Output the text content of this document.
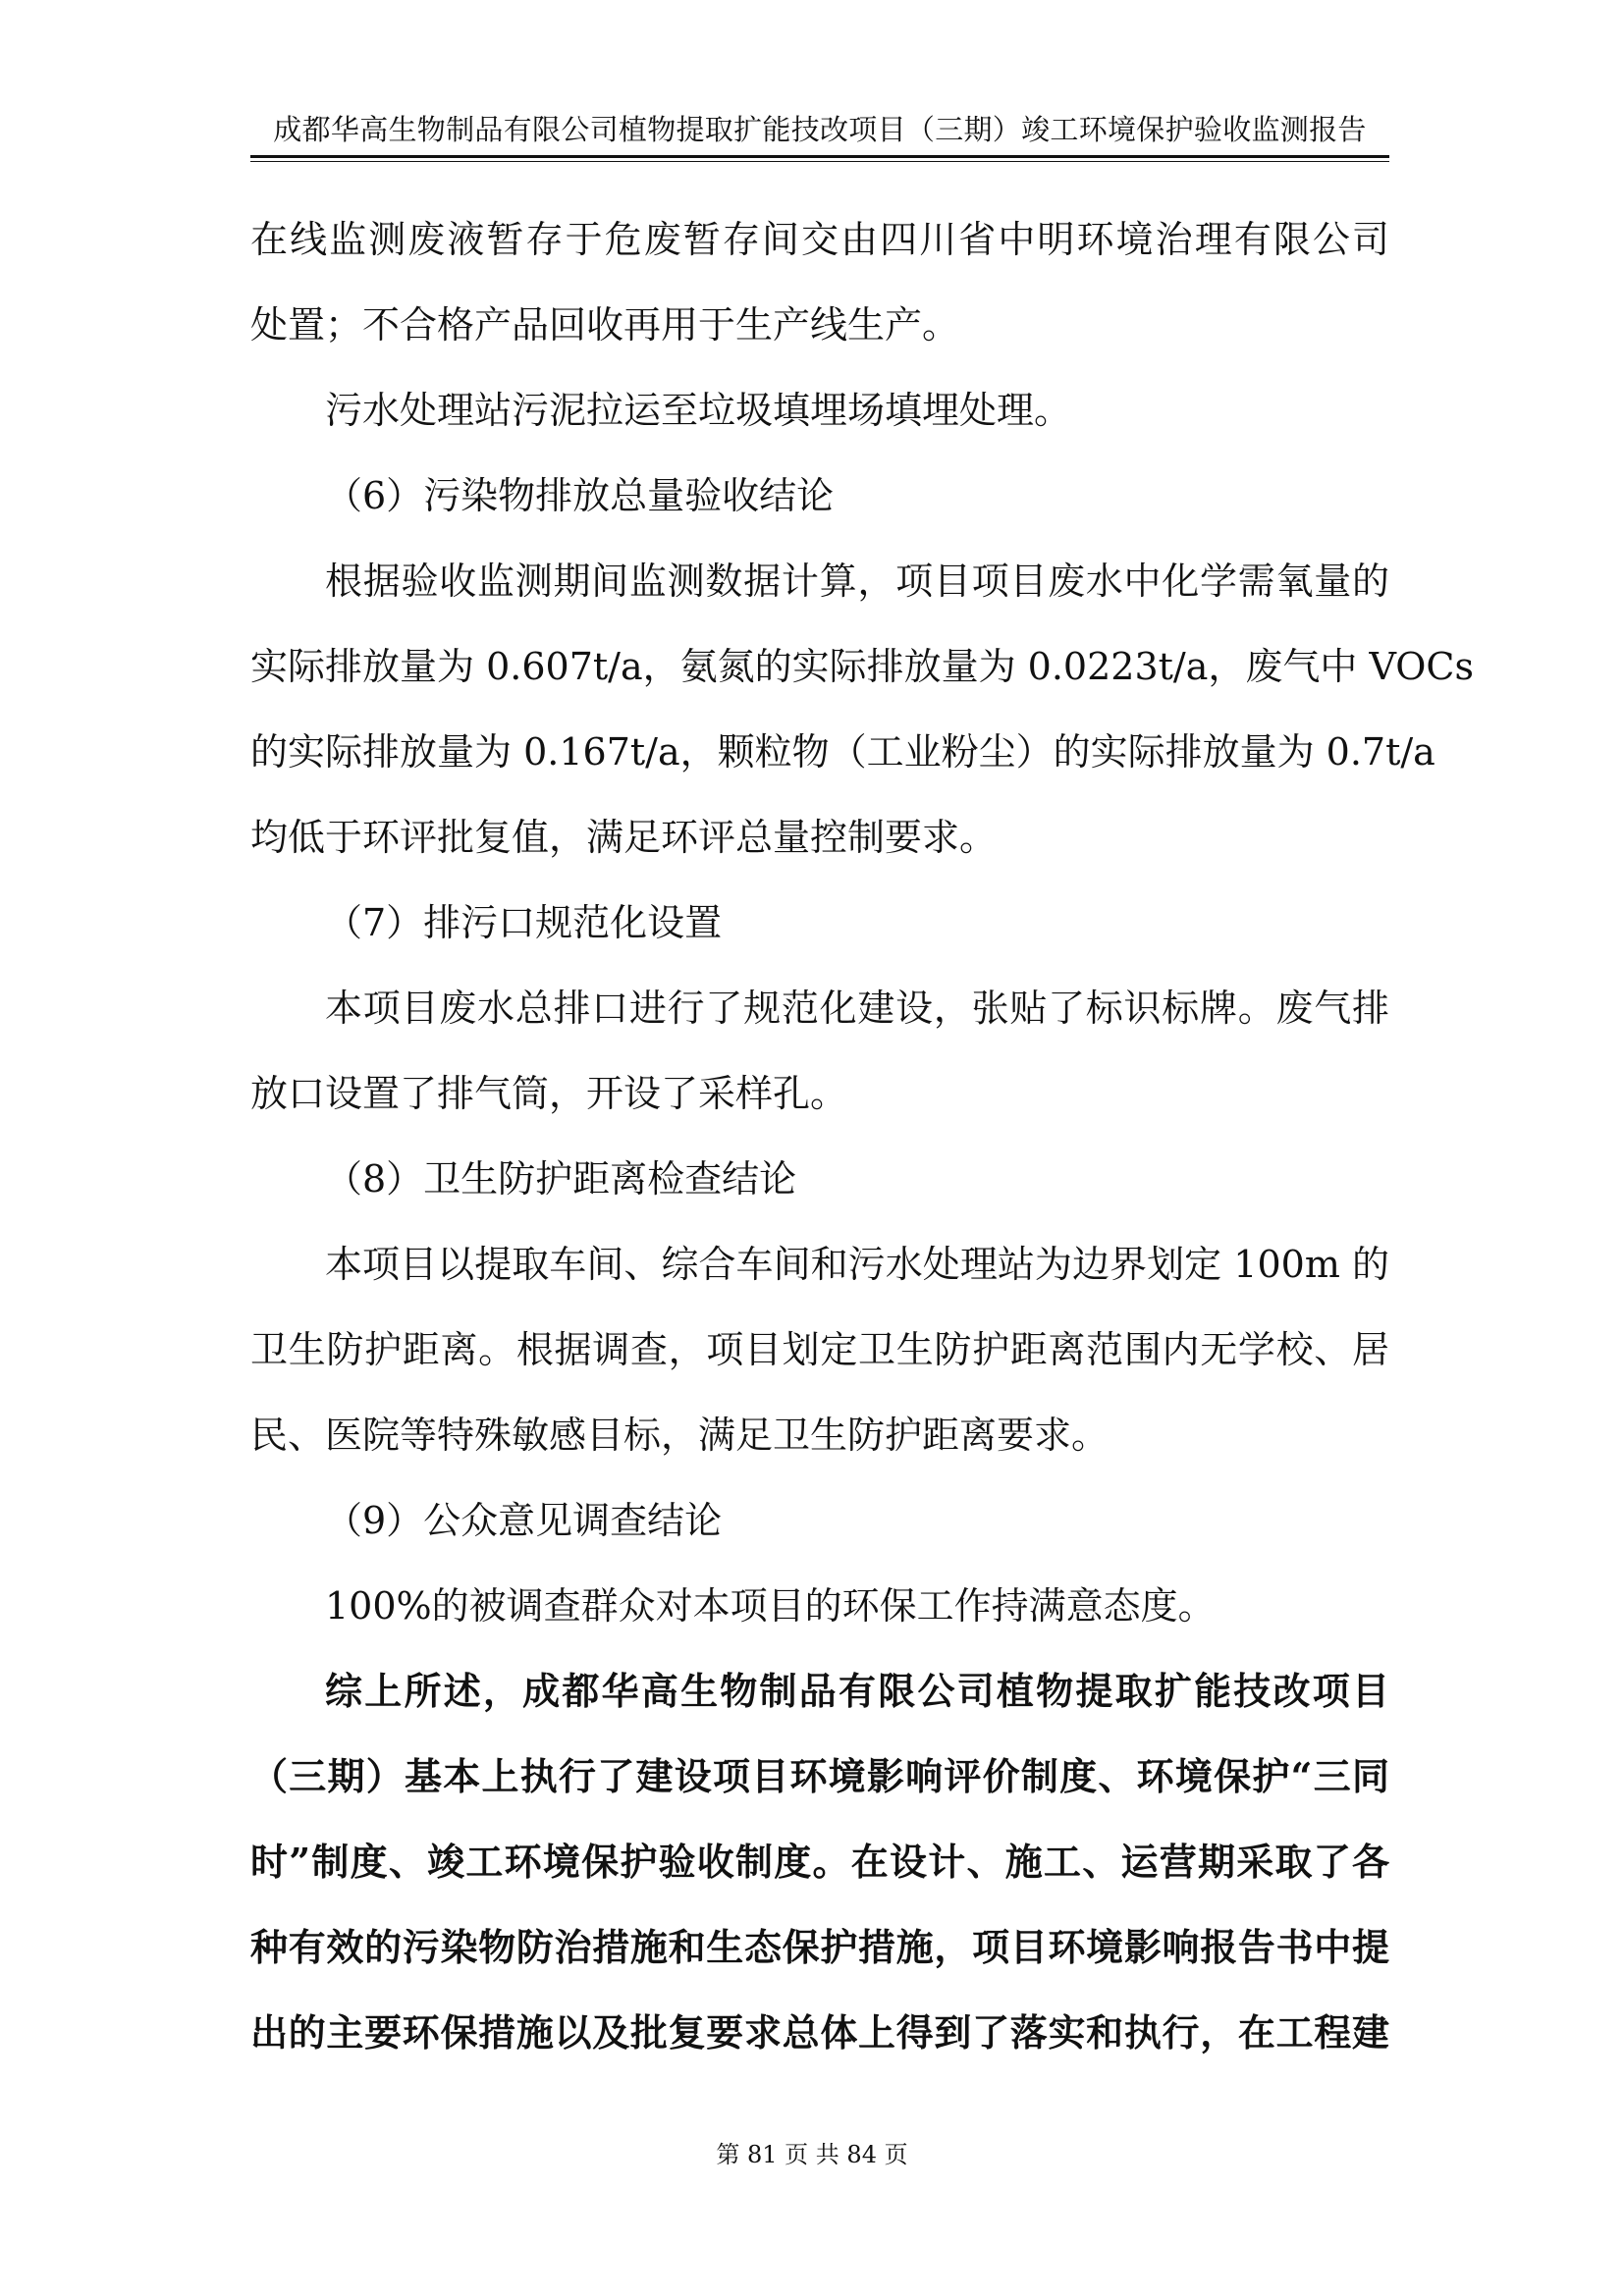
成都华高生物制品有限公司植物提取扩能技改项目（三期）竣工环境保护验收监测报告
在线监测废液暂存于危废暂存间交由四川省中明环境治理有限公司
处置；不合格产品回收再用于生产线生产。
污水处理站污泥拉运至垃圾填埋场填埋处理。
（6）污染物排放总量验收结论
根据验收监测期间监测数据计算，项目项目废水中化学需氧量的
实际排放量为 0.607t/a，氨氮的实际排放量为 0.0223t/a，废气中 VOCs
的实际排放量为 0.167t/a，颗粒物（工业粉尘）的实际排放量为 0.7t/a
均低于环评批复值，满足环评总量控制要求。
（7）排污口规范化设置
本项目废水总排口进行了规范化建设，张贴了标识标牌。废气排
放口设置了排气筒，开设了采样孔。
（8）卫生防护距离检查结论
本项目以提取车间、综合车间和污水处理站为边界划定 100m 的
卫生防护距离。根据调查，项目划定卫生防护距离范围内无学校、居
民、医院等特殊敏感目标，满足卫生防护距离要求。
（9）公众意见调查结论
100%的被调查群众对本项目的环保工作持满意态度。
综上所述，成都华高生物制品有限公司植物提取扩能技改项目
（三期）基本上执行了建设项目环境影响评价制度、环境保护“三同
时”制度、竣工环境保护验收制度。在设计、施工、运营期采取了各
种有效的污染物防治措施和生态保护措施，项目环境影响报告书中提
出的主要环保措施以及批复要求总体上得到了落实和执行，在工程建
第 81 页 共 84 页
